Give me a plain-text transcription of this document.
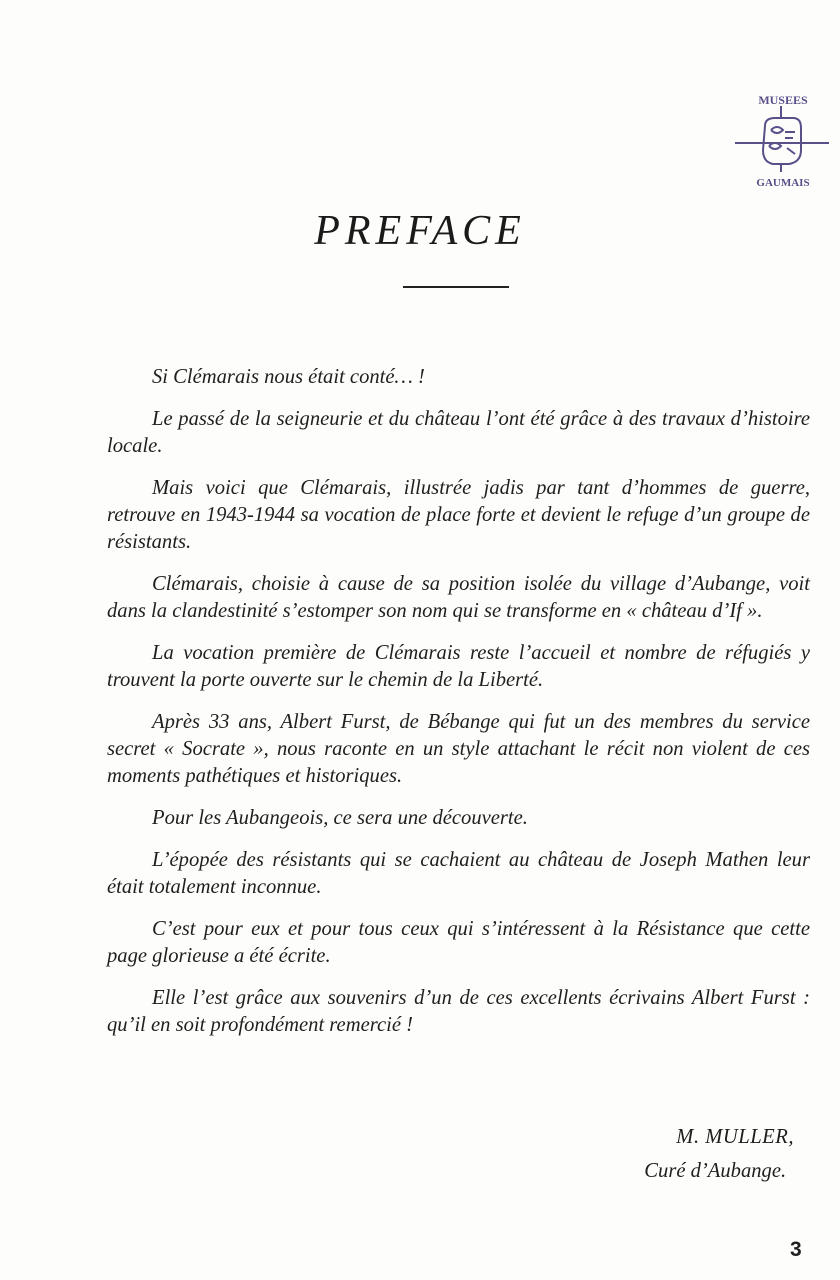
MUSEES
GAUMAIS
PREFACE

Si Clémarais nous était conté… !

Le passé de la seigneurie et du château l’ont été grâce à des travaux d’histoire locale.

Mais voici que Clémarais, illustrée jadis par tant d’hommes de guerre, retrouve en 1943-1944 sa vocation de place forte et devient le refuge d’un groupe de résistants.

Clémarais, choisie à cause de sa position isolée du village d’Aubange, voit dans la clandestinité s’estomper son nom qui se transforme en « château d’If ».

La vocation première de Clémarais reste l’accueil et nombre de réfugiés y trouvent la porte ouverte sur le chemin de la Liberté.

Après 33 ans, Albert Furst, de Bébange qui fut un des membres du service secret « Socrate », nous raconte en un style attachant le récit non violent de ces moments pathétiques et historiques.

Pour les Aubangeois, ce sera une découverte.

L’épopée des résistants qui se cachaient au château de Joseph Mathen leur était totalement inconnue.

C’est pour eux et pour tous ceux qui s’intéressent à la Résistance que cette page glorieuse a été écrite.

Elle l’est grâce aux souvenirs d’un de ces excellents écrivains Albert Furst : qu’il en soit profondément remercié !

M. MULLER,
Curé d’Aubange.
3
